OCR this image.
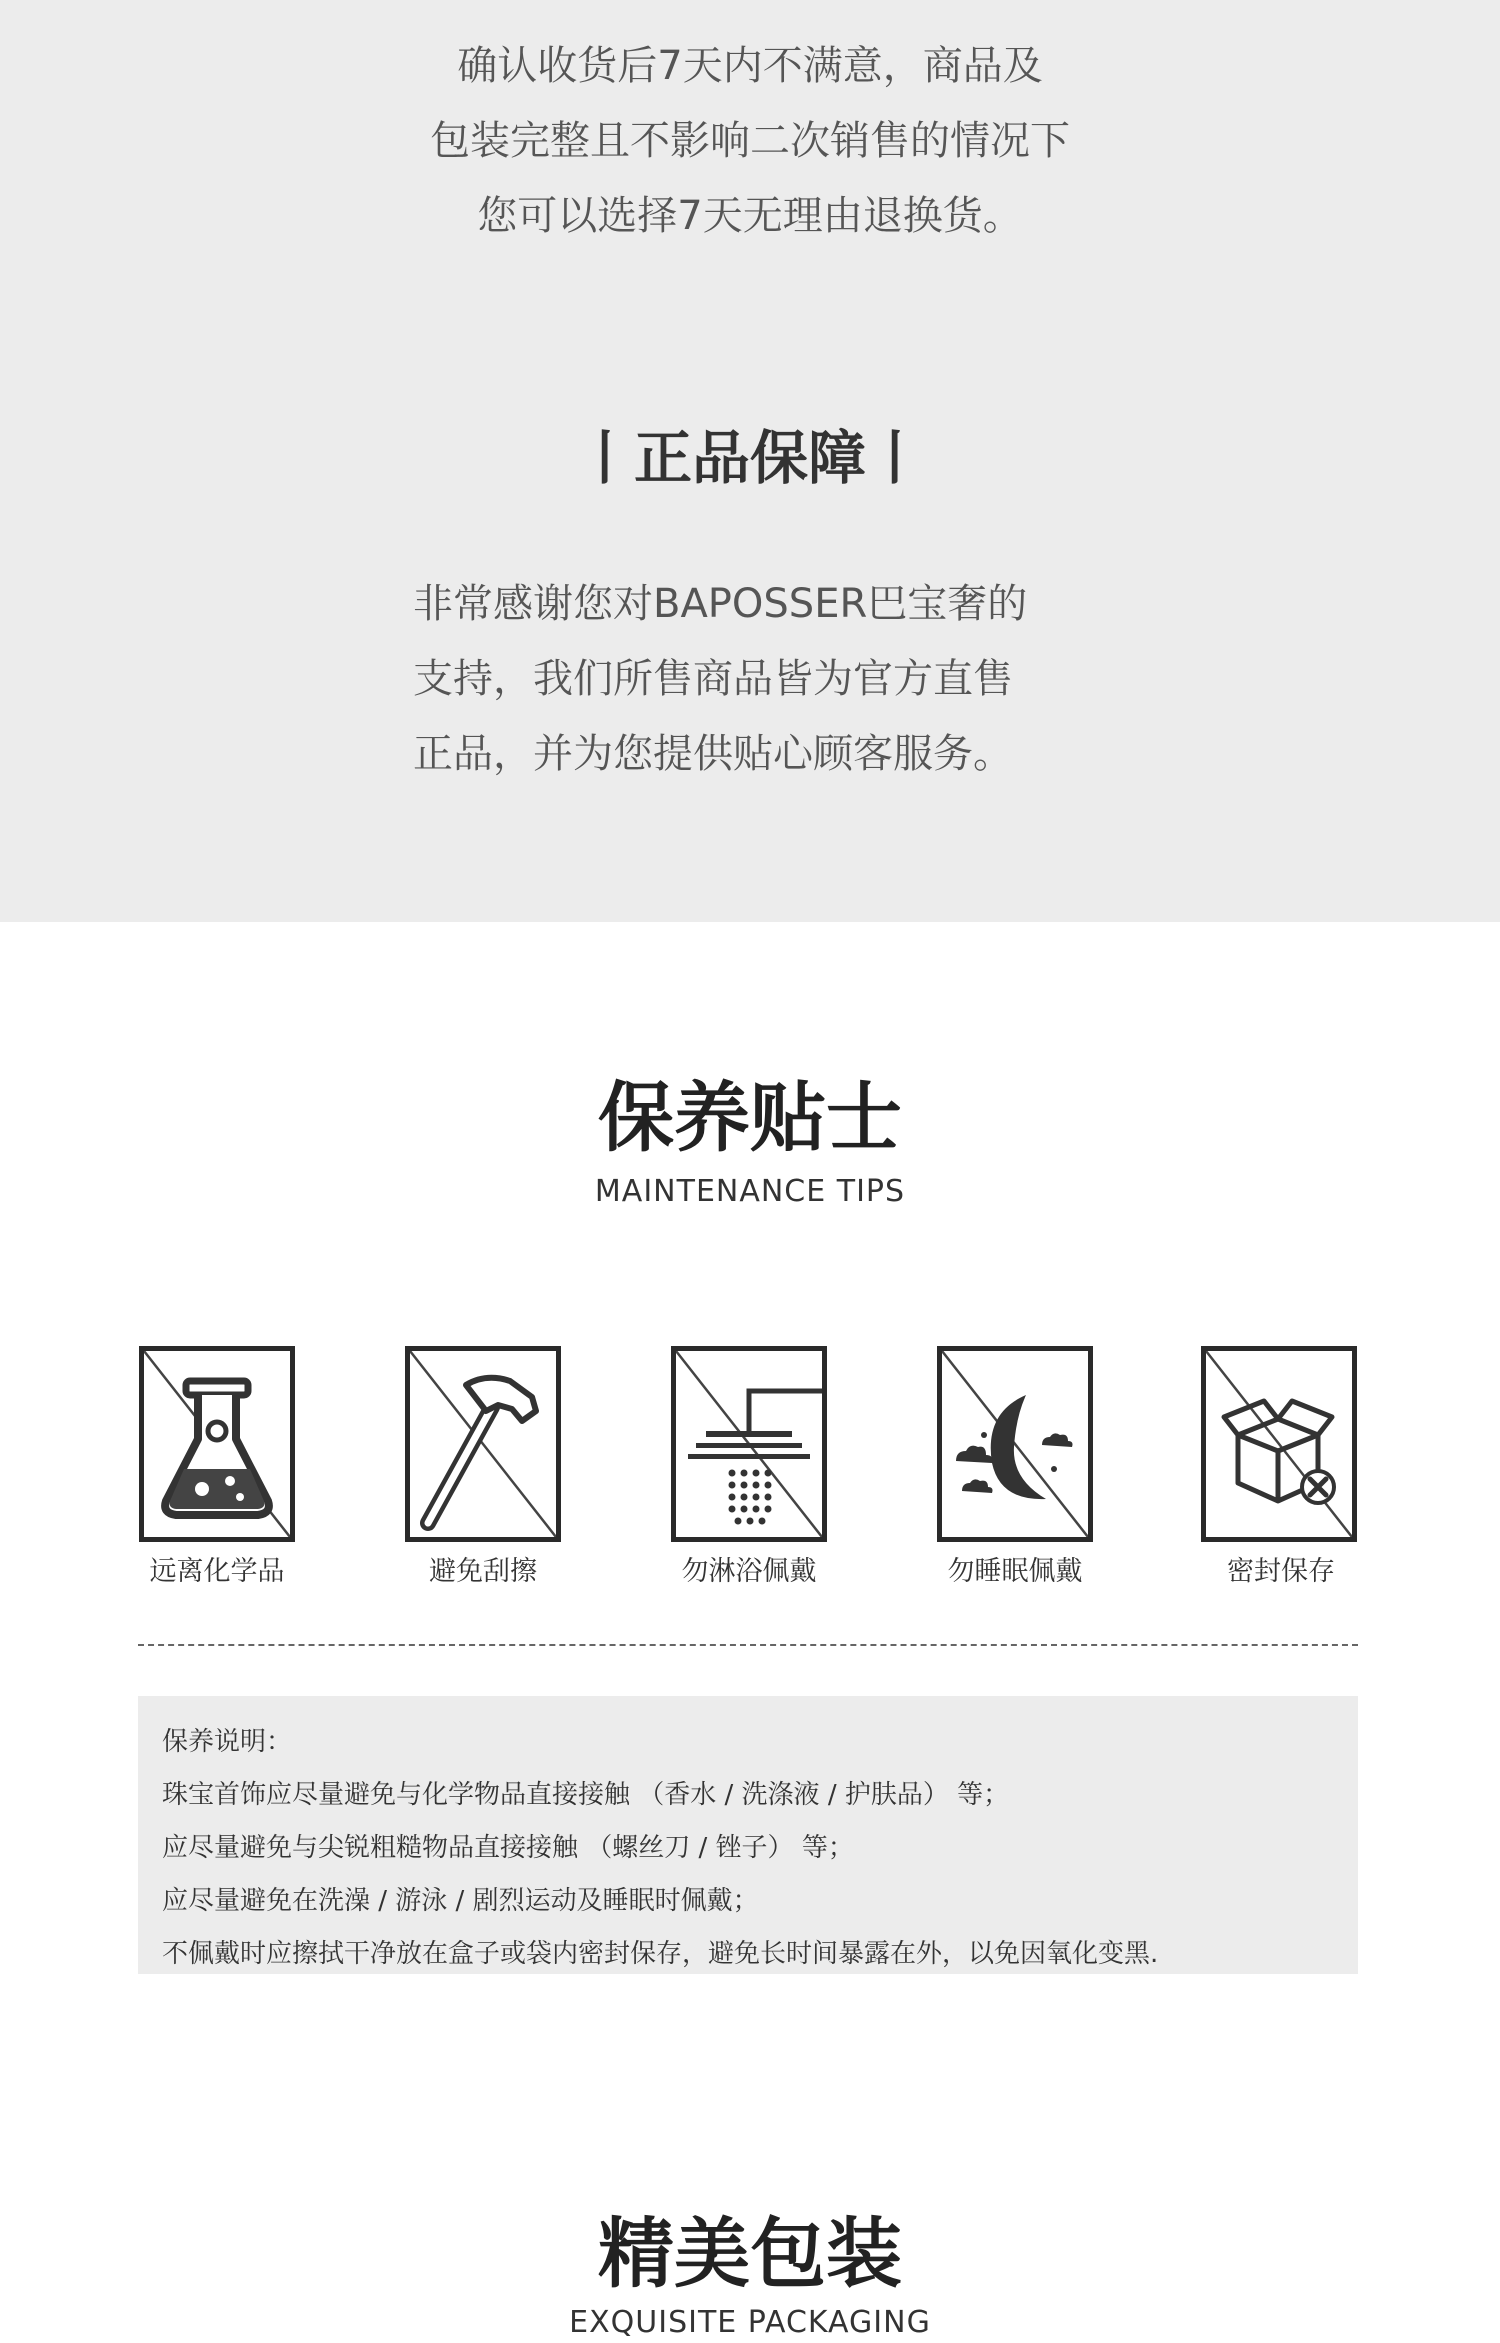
确认收货后7天内不满意，商品及
包装完整且不影响二次销售的情况下
您可以选择7天无理由退换货。
丨正品保障丨
非常感谢您对BAPOSSER巴宝奢的
支持，我们所售商品皆为官方直售
正品，并为您提供贴心顾客服务。
保养贴士
MAINTENANCE TIPS
远离化学品	避免刮擦	勿淋浴佩戴	勿睡眠佩戴	密封保存
保养说明：
珠宝首饰应尽量避免与化学物品直接接触 （香水 / 洗涤液 / 护肤品） 等；
应尽量避免与尖锐粗糙物品直接接触 （螺丝刀 / 锉子） 等；
应尽量避免在洗澡 / 游泳 / 剧烈运动及睡眠时佩戴；
不佩戴时应擦拭干净放在盒子或袋内密封保存，避免长时间暴露在外，以免因氧化变黑.
精美包装
EXQUISITE PACKAGING
